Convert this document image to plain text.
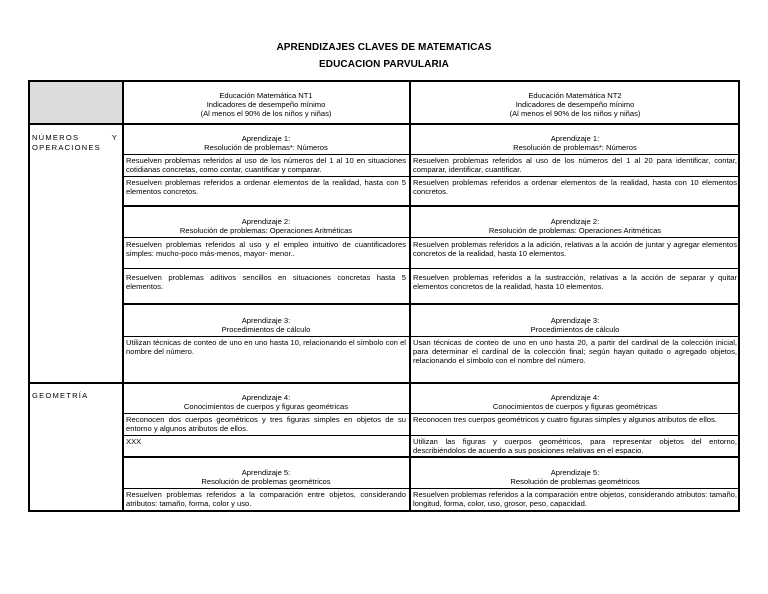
APRENDIZAJES CLAVES DE MATEMATICAS
EDUCACION PARVULARIA
Educación Matemática NT1
Indicadores de desempeño mínimo
(Al menos el 90% de los niños y niñas)
Educación Matemática NT2
Indicadores de desempeño mínimo
(Al menos el 90% de los niños y niñas)
NÚMEROS Y OPERACIONES
GEOMETRÍA
Aprendizaje 1:
Resolución de problemas*: Números
Aprendizaje 1:
Resolución de problemas*: Números
Resuelven problemas referidos al uso de los números del 1 al 10 en situaciones cotidianas concretas, como contar, cuantificar y comparar.
Resuelven problemas referidos al uso de los números del 1 al 20 para identificar, contar, comparar, identificar, cuantificar.
Resuelven problemas referidos a ordenar elementos de la realidad, hasta con 5 elementos concretos.
Resuelven problemas referidos a ordenar elementos de la realidad, hasta con 10 elementos concretos.
Aprendizaje 2:
Resolución de problemas: Operaciones Aritméticas
Aprendizaje 2:
Resolución de problemas: Operaciones Aritméticas
Resuelven problemas referidos al uso y el empleo intuitivo de cuantificadores simples: mucho-poco más-menos, mayor- menor..
Resuelven problemas referidos a la adición, relativas a la acción de juntar y agregar elementos concretos de la realidad, hasta 10 elementos.
Resuelven problemas aditivos sencillos en situaciones concretas hasta 5 elementos.
Resuelven problemas referidos a la sustracción, relativas a la acción de separar y quitar elementos concretos de la realidad, hasta 10 elementos.
Aprendizaje 3:
Procedimientos de cálculo
Aprendizaje 3:
Procedimientos de cálculo
Utilizan técnicas de conteo de uno en uno hasta 10, relacionando el símbolo con el nombre del número.
Usan técnicas de conteo de uno en uno hasta 20, a partir del cardinal de la colección inicial, para determinar el cardinal de la colección final; según hayan quitado o agregado objetos, relacionando el símbolo con el nombre del número.
Aprendizaje 4:
Conocimientos de cuerpos y figuras geométricas
Aprendizaje 4:
Conocimientos de cuerpos y figuras geométricas
Reconocen dos cuerpos geométricos y tres figuras simples en objetos de su entorno y algunos atributos de ellos.
Reconocen tres cuerpos geométricos y cuatro figuras simples y algunos atributos de ellos.
XXX	Utilizan las figuras y cuerpos geométricos, para representar objetos del entorno, describiéndolos de acuerdo a sus posiciones relativas en el espacio.
Aprendizaje 5:
Resolución de problemas geométricos
Aprendizaje 5:
Resolución de problemas geométricos
Resuelven problemas referidos a la comparación entre objetos, considerando atributos: tamaño, forma, color y uso.
Resuelven problemas referidos a la comparación entre objetos, considerando atributos: tamaño, longitud, forma, color, uso, grosor, peso, capacidad.
